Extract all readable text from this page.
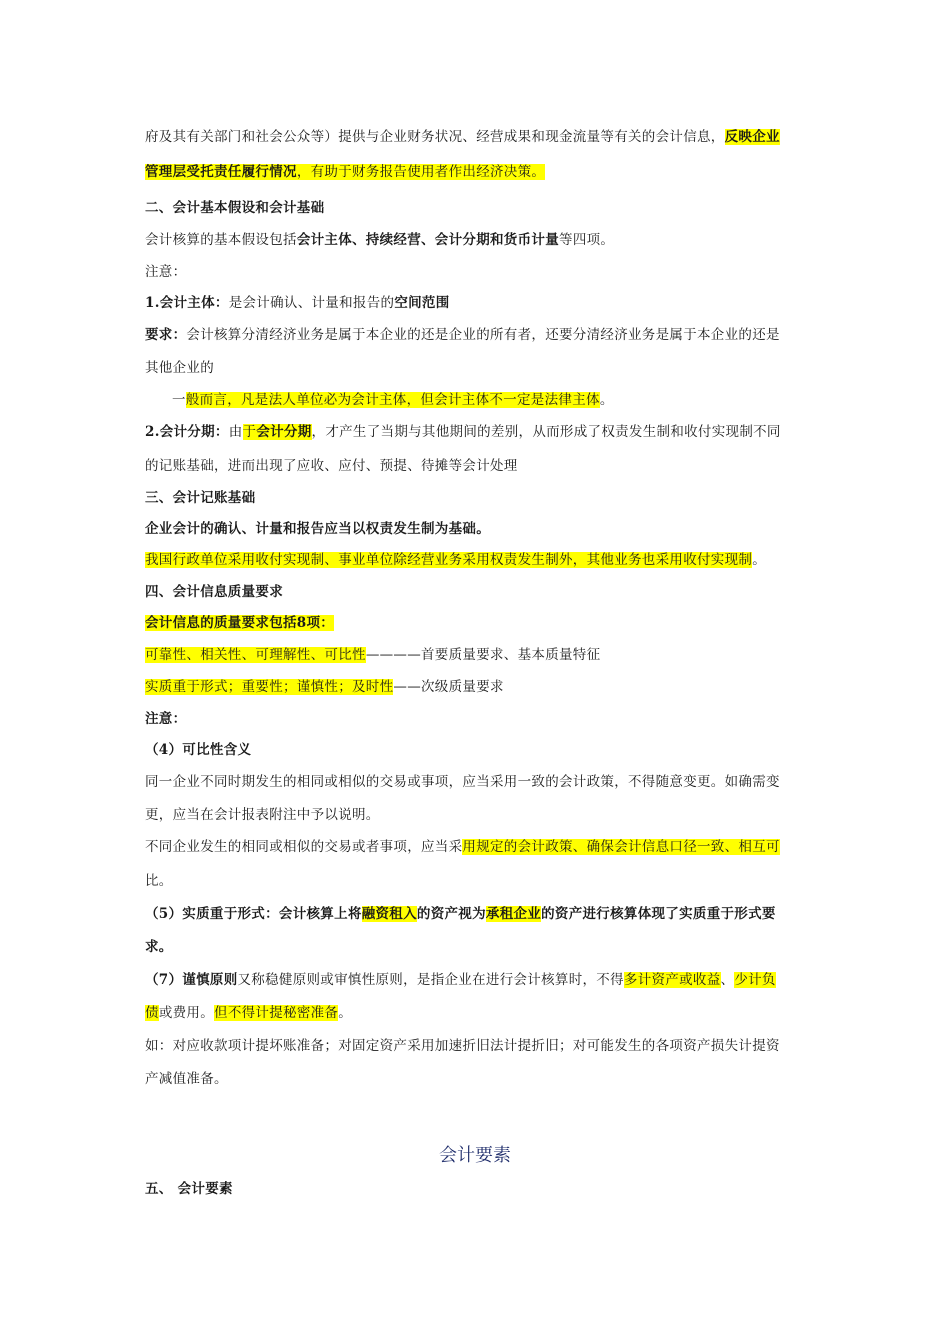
府及其有关部门和社会公众等）提供与企业财务状况、经营成果和现金流量等有关的会计信息，反映企业
管理层受托责任履行情况，有助于财务报告使用者作出经济决策。
二、会计基本假设和会计基础
会计核算的基本假设包括会计主体、持续经营、会计分期和货币计量等四项。
注意：
1.会计主体：是会计确认、计量和报告的空间范围
要求：会计核算分清经济业务是属于本企业的还是企业的所有者，还要分清经济业务是属于本企业的还是
其他企业的
一般而言，凡是法人单位必为会计主体，但会计主体不一定是法律主体。
2.会计分期：由于会计分期，才产生了当期与其他期间的差别，从而形成了权责发生制和收付实现制不同
的记账基础，进而出现了应收、应付、预提、待摊等会计处理
三、会计记账基础
企业会计的确认、计量和报告应当以权责发生制为基础。
我国行政单位采用收付实现制、事业单位除经营业务采用权责发生制外，其他业务也采用收付实现制。
四、会计信息质量要求
会计信息的质量要求包括8项：
可靠性、相关性、可理解性、可比性————首要质量要求、基本质量特征
实质重于形式；重要性；谨慎性；及时性——次级质量要求
注意：
（4）可比性含义
同一企业不同时期发生的相同或相似的交易或事项，应当采用一致的会计政策，不得随意变更。如确需变
更，应当在会计报表附注中予以说明。
不同企业发生的相同或相似的交易或者事项，应当采用规定的会计政策、确保会计信息口径一致、相互可
比。
（5）实质重于形式：会计核算上将融资租入的资产视为承租企业的资产进行核算体现了实质重于形式要
求。
（7）谨慎原则又称稳健原则或审慎性原则，是指企业在进行会计核算时，不得多计资产或收益、少计负
债或费用。但不得计提秘密准备。
如：对应收款项计提坏账准备；对固定资产采用加速折旧法计提折旧；对可能发生的各项资产损失计提资
产减值准备。
会计要素
五、 会计要素
